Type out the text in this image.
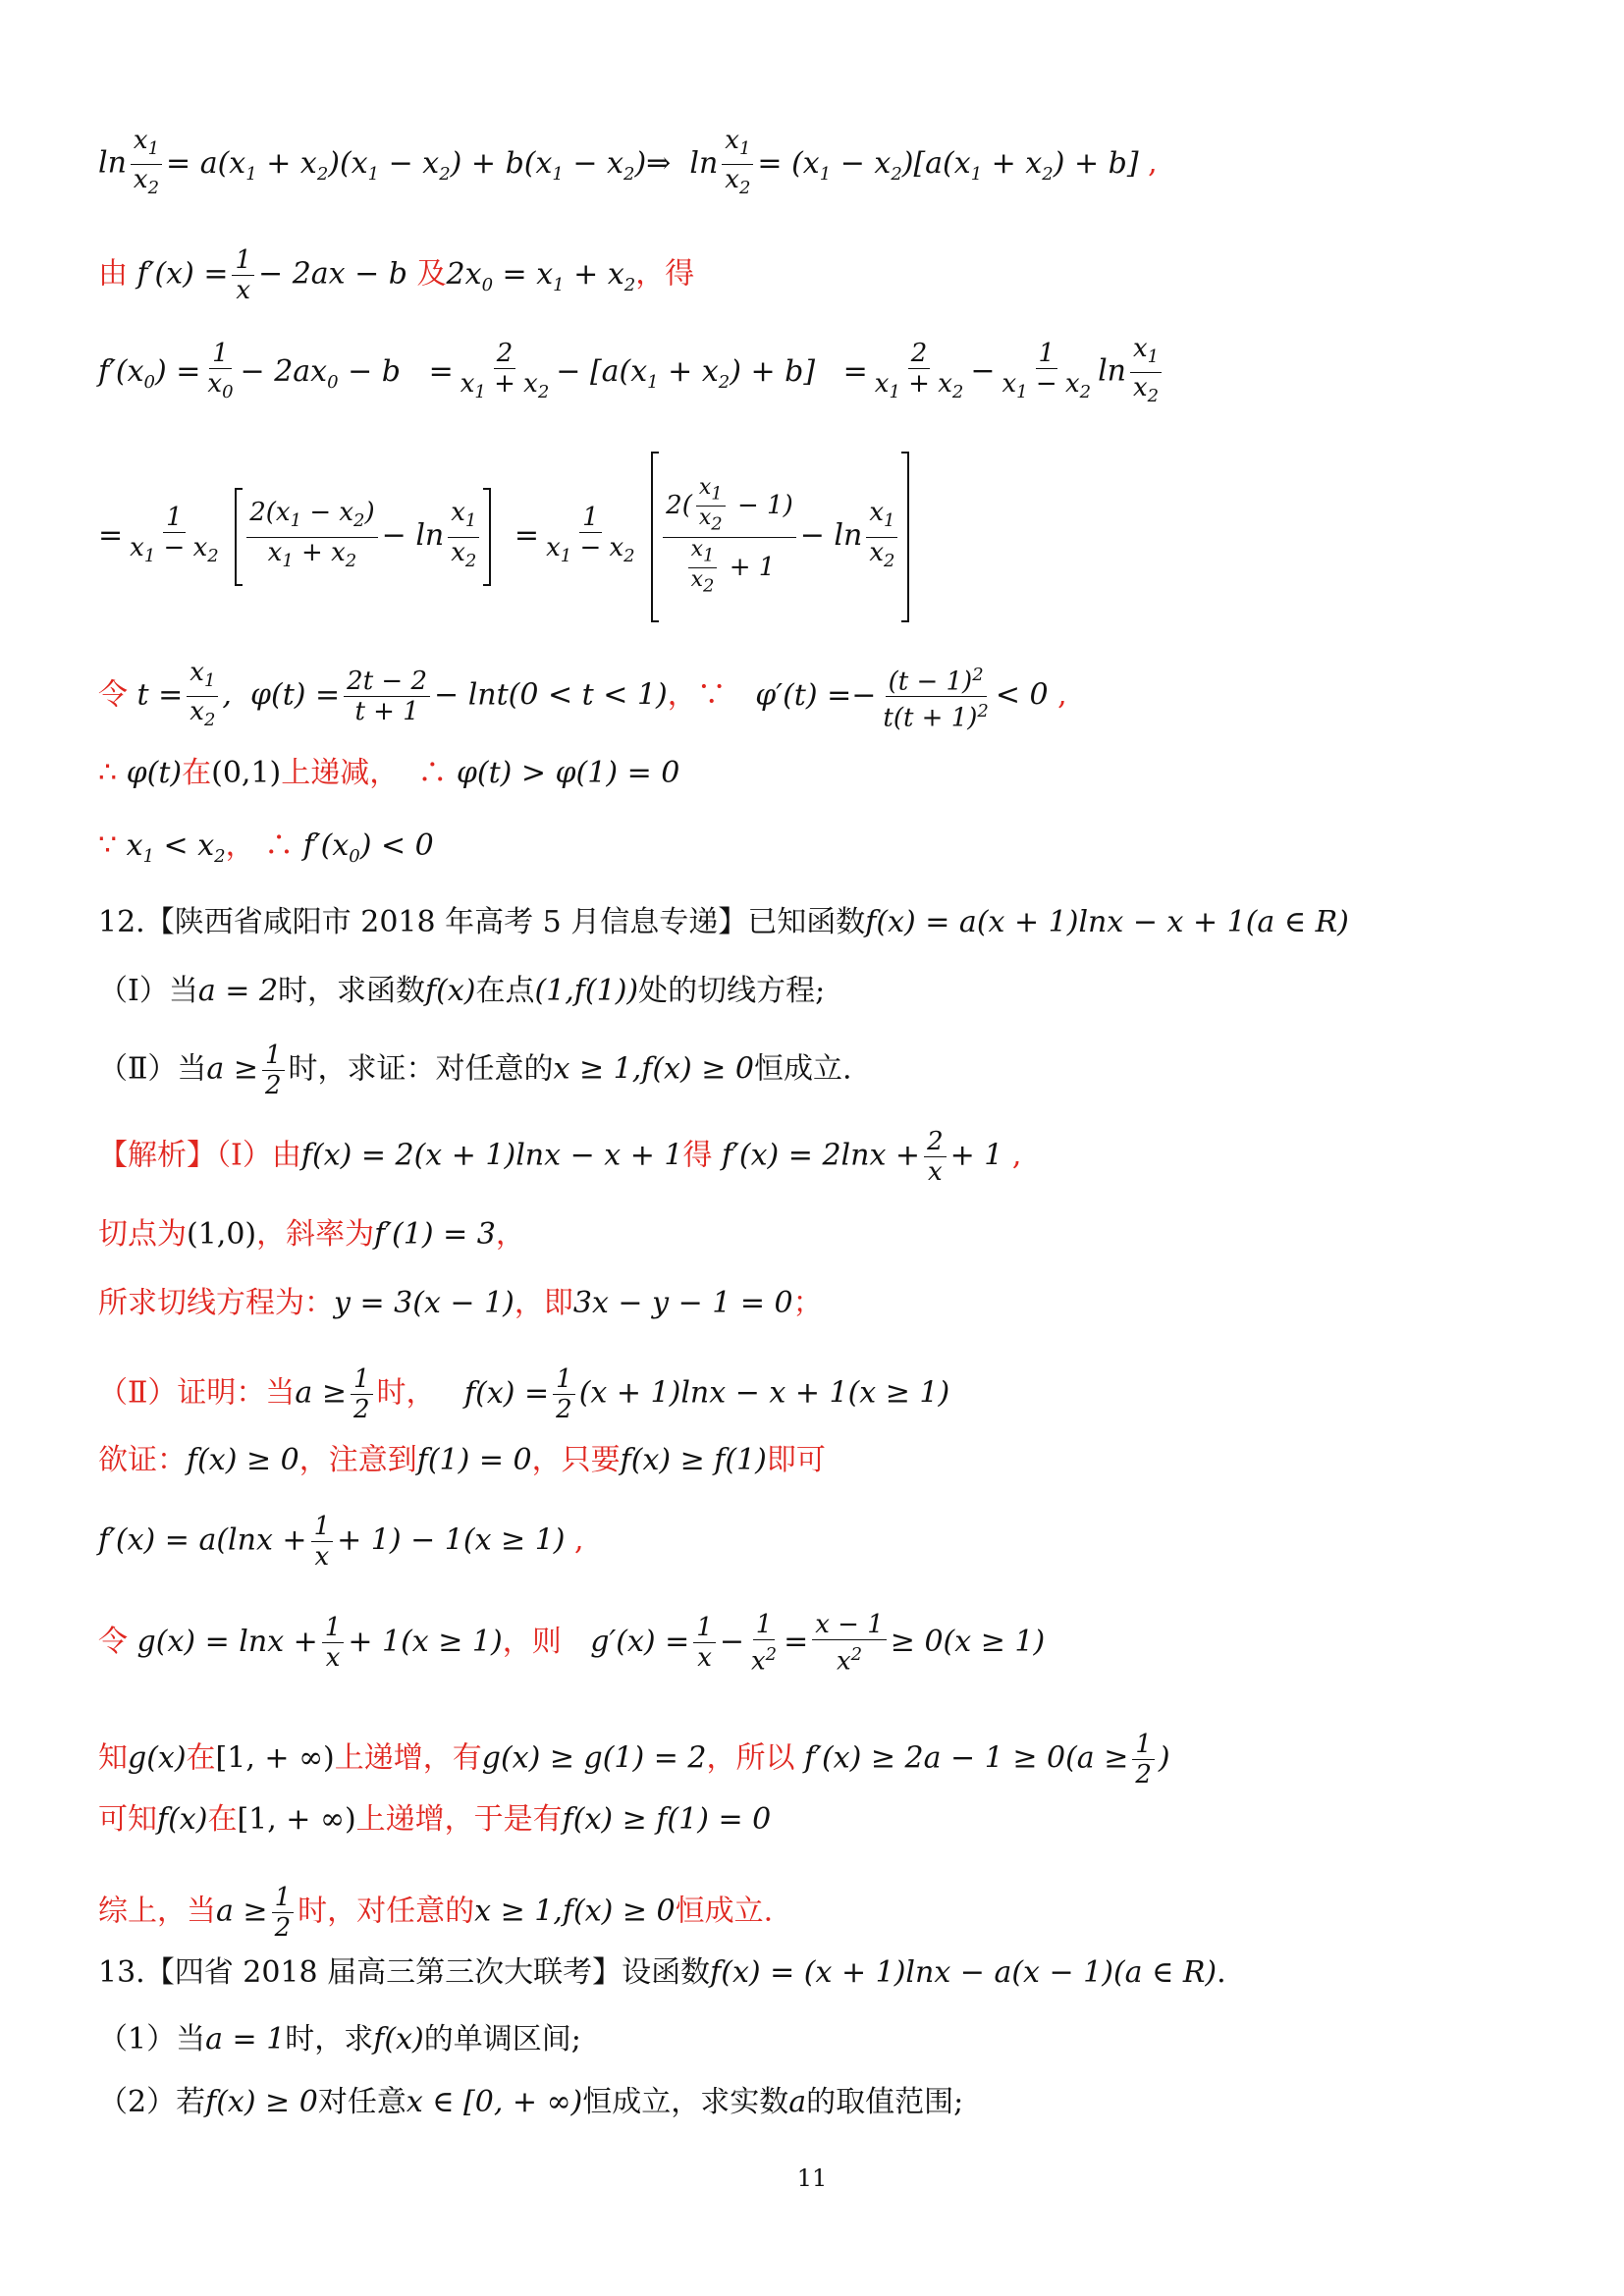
$\ln \frac{x_1}{x_2} = a(x_1 + x_2)(x_1 - x_2) + b(x_1$ − $x_2)\Rightarrow$  $\ln \frac{x_1}{x_2} = (x_1 - x_2)[a(x_1 + x_2) + b]$ ,
由 $f'(x) = \frac{1}{x} - 2ax - b$ 及$2x_0 = x_1 + x_2$，得
$f'(x_0) = \frac{1}{x_0} - 2ax_0 - b = \frac{2}{x_1 + x_2} - [a(x_1 + x_2) + b] = \frac{2}{x_1 + x_2} - \frac{1}{x_1 - x_2}$ $\ln \frac{x_1}{x_2}$
= $\frac{1}{x_1 - x_2}$
$\frac{2(x_1 - x_2)}{x_1 + x_2} - \ln \frac{x_1}{x_2} = \frac{1}{x_1 - x_2}$
$\frac{2( \frac{x_1}{x_2} - 1)}{\frac{x_1}{x_2} + 1} - \ln \frac{x_1}{x_2}$
令 $t = \frac{x_1}{x_2}$ ,  $\varphi(t) = \frac{2t - 2}{t + 1} - \ln t(0 < t < 1)$，∵ $\varphi'(t) =- \frac{(t - 1)^2}{t(t + 1)^2} < 0$ ,
∴ φ(t)在(0,1)上递减， ∴ φ(t) > φ(1) = 0
∵ $x_1 < x_2$， ∴ $f'(x_0) < 0$
12.【陕西省咸阳市 2018 年高考 5 月信息专递】已知函数f(x) = a(x + 1)lnx − x + 1(a ∈ R)
（Ⅰ）当a = 2时，求函数f(x)在点(1,f(1))处的切线方程;
（Ⅱ）当$a \ge \frac{1}{2}$ 时，求证：对任意的x ≥ 1,f(x) ≥ 0恒成立.
【解析】（Ⅰ）由f(x) = 2(x + 1)lnx − x + 1得 $f'(x) = 2\ln x + \frac{2}{x} + 1$ ,
切点为(1,0)，斜率为f′(1) = 3，
所求切线方程为：y = 3(x − 1)，即3x − y − 1 = 0；
（Ⅱ）证明：当$a \ge \frac{1}{2}$ 时， $f(x) = \frac{1}{2} (x + 1)\ln x - x + 1(x \ge 1)$
欲证：f(x) ≥ 0，注意到f(1) = 0，只要f(x) ≥ f(1)即可
$f'(x) = a(\ln x + \frac{1}{x} + 1) - 1(x \ge 1)$ ,
令 $g(x) = \ln x + \frac{1}{x} + 1(x \ge 1)$，则 $g'(x) = \frac{1}{x} - \frac{1}{x^2} = \frac{x - 1}{x^2} \ge 0(x \ge 1)$
知g(x)在[1, + ∞)上递增，有g(x) ≥ g(1) = 2，所以 $f'(x) \ge 2a - 1 \ge 0(a \ge \frac{1}{2}$ )
可知f(x)在[1, + ∞)上递增，于是有f(x) ≥ f(1) = 0
综上，当$a \ge \frac{1}{2}$ 时，对任意的x ≥ 1,f(x) ≥ 0恒成立.
13.【四省 2018 届高三第三次大联考】设函数f(x) = (x + 1)lnx − a(x − 1)(a ∈ R).
（1）当a = 1时，求f(x)的单调区间;
（2）若f(x) ≥ 0对任意x ∈ [0, + ∞)恒成立，求实数a的取值范围;
11
